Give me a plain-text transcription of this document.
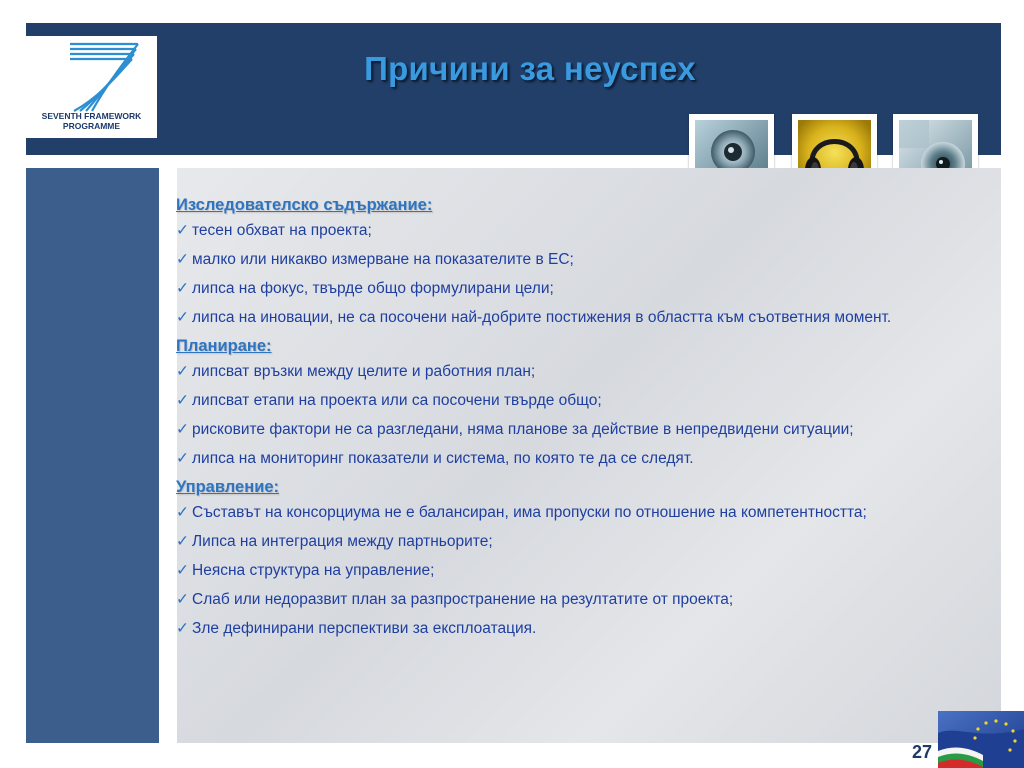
SEVENTH FRAMEWORK
PROGRAMME
Причини за неуспех
Изследователско съдържание:
✓ тесен обхват на проекта;
✓ малко или никакво измерване на показателите в ЕС;
✓ липса на фокус, твърде общо формулирани цели;
✓ липса на иновации, не са посочени най-добрите постижения в областта към съответния момент.
Планиране:
✓ липсват връзки между целите и работния план;
✓ липсват етапи на проекта или са посочени твърде общо;
✓ рисковите фактори не са разгледани, няма планове за действие в непредвидени ситуации;
✓ липса на мониторинг показатели и система, по която те да се следят.
Управление:
✓ Съставът на консорциума не е балансиран, има пропуски по отношение на компетентността;
✓ Липса на интеграция между партньорите;
✓ Неясна структура на управление;
✓ Слаб или недоразвит план за разпространение на резултатите от проекта;
✓ Зле дефинирани перспективи за експлоатация.
27
